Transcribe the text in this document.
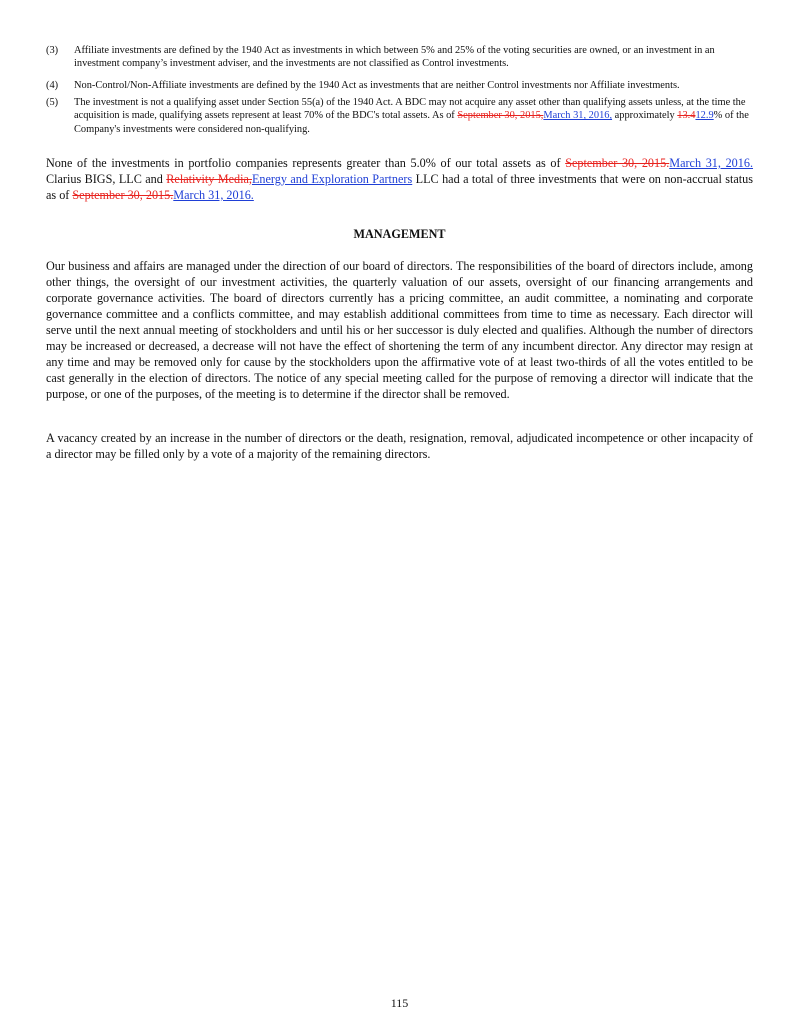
(3) Affiliate investments are defined by the 1940 Act as investments in which between 5% and 25% of the voting securities are owned, or an investment in an investment company’s investment adviser, and the investments are not classified as Control investments.
(4) Non-Control/Non-Affiliate investments are defined by the 1940 Act as investments that are neither Control investments nor Affiliate investments.
(5) The investment is not a qualifying asset under Section 55(a) of the 1940 Act. A BDC may not acquire any asset other than qualifying assets unless, at the time the acquisition is made, qualifying assets represent at least 70% of the BDC's total assets. As of September 30, 2015,March 31, 2016, approximately 13.412.9% of the Company's investments were considered non-qualifying.
None of the investments in portfolio companies represents greater than 5.0% of our total assets as of September 30, 2015.March 31, 2016. Clarius BIGS, LLC and Relativity Media,Energy and Exploration Partners LLC had a total of three investments that were on non-accrual status as of September 30, 2015.March 31, 2016.
MANAGEMENT
Our business and affairs are managed under the direction of our board of directors. The responsibilities of the board of directors include, among other things, the oversight of our investment activities, the quarterly valuation of our assets, oversight of our financing arrangements and corporate governance activities. The board of directors currently has a pricing committee, an audit committee, a nominating and corporate governance committee and a conflicts committee, and may establish additional committees from time to time as necessary. Each director will serve until the next annual meeting of stockholders and until his or her successor is duly elected and qualifies. Although the number of directors may be increased or decreased, a decrease will not have the effect of shortening the term of any incumbent director. Any director may resign at any time and may be removed only for cause by the stockholders upon the affirmative vote of at least two-thirds of all the votes entitled to be cast generally in the election of directors. The notice of any special meeting called for the purpose of removing a director will indicate that the purpose, or one of the purposes, of the meeting is to determine if the director shall be removed.
A vacancy created by an increase in the number of directors or the death, resignation, removal, adjudicated incompetence or other incapacity of a director may be filled only by a vote of a majority of the remaining directors.
115
